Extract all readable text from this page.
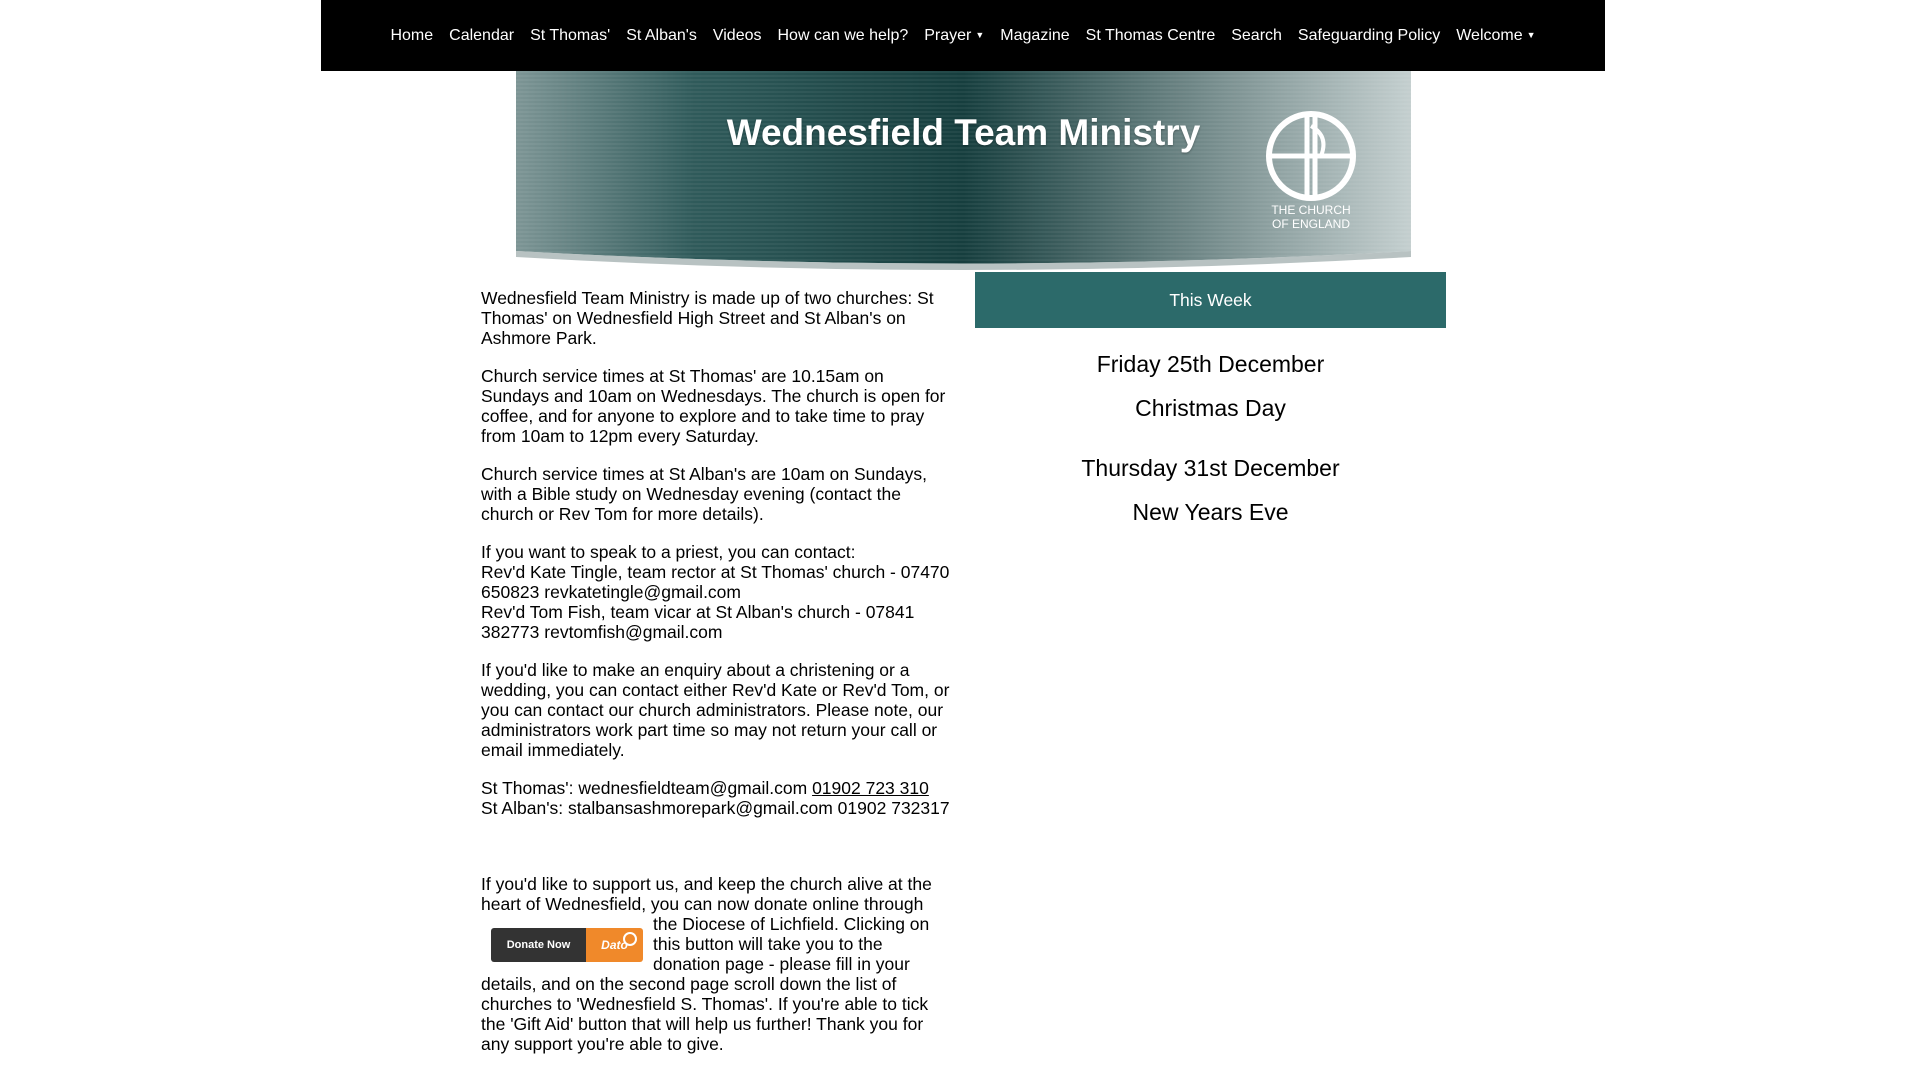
Home	Calendar	St Thomas'	St Alban's	Videos	How can we help?	Prayer ▼	Magazine	St Thomas Centre	Search	Safeguarding Policy	Welcome ▼
Wednesfield Team Ministry
THE CHURCH
OF ENGLAND

Wednesfield Team Ministry is made up of two churches: St Thomas' on Wednesfield High Street and St Alban's on Ashmore Park.

Church service times at St Thomas' are 10.15am on Sundays and 10am on Wednesdays. The church is open for coffee, and for anyone to explore and to take time to pray from 10am to 12pm every Saturday.

Church service times at St Alban's are 10am on Sundays, with a Bible study on Wednesday evening (contact the church or Rev Tom for more details).

If you want to speak to a priest, you can contact:
Rev'd Kate Tingle, team rector at St Thomas' church - 07470 650823 revkatetingle@gmail.com
Rev'd Tom Fish, team vicar at St Alban's church - 07841 382773 revtomfish@gmail.com

If you'd like to make an enquiry about a christening or a wedding, you can contact either Rev'd Kate or Rev'd Tom, or you can contact our church administrators. Please note, our administrators work part time so may not return your call or email immediately.

St Thomas': wednesfieldteam@gmail.com 01902 723 310
St Alban's: stalbansashmorepark@gmail.com 01902 732317

If you'd like to support us, and keep the church alive at the heart of Wednesfield, you can now donate online through
Donate Now	Dato
the Diocese of Lichfield. Clicking on this button will take you to the donation page - please fill in your details, and on the second page scroll down the list of churches to 'Wednesfield S. Thomas'. If you're able to tick the 'Gift Aid' button that will help us further! Thank you for any support you're able to give.

This Week
Friday 25th December
Christmas Day
Thursday 31st December
New Years Eve
